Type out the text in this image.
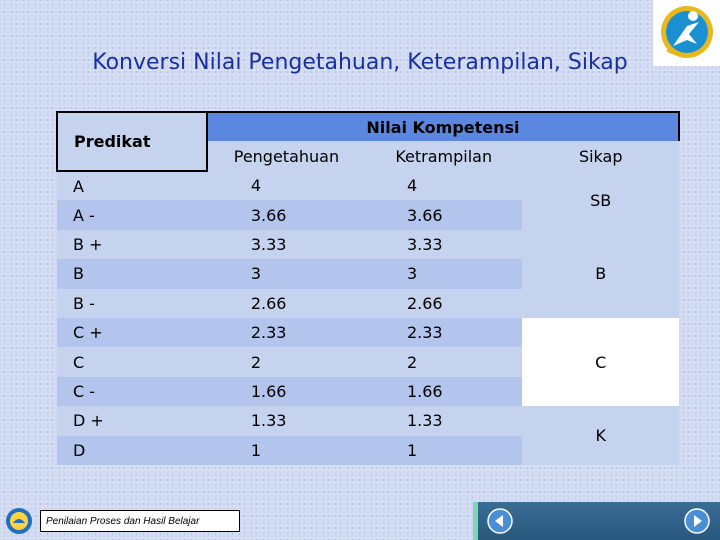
Konversi Nilai Pengetahuan, Keterampilan, Sikap
Predikat	Nilai Kompetensi		
	Pengetahuan	Ketrampilan	Sikap
A	4	4	SB
A -	3.66	3.66	
B +	3.33	3.33	B
B	3	3	
B -	2.66	2.66	
C +	2.33	2.33	C
C	2	2	
C -	1.66	1.66	
D +	1.33	1.33	K
D	1	1	
Penilaian Proses dan Hasil Belajar
